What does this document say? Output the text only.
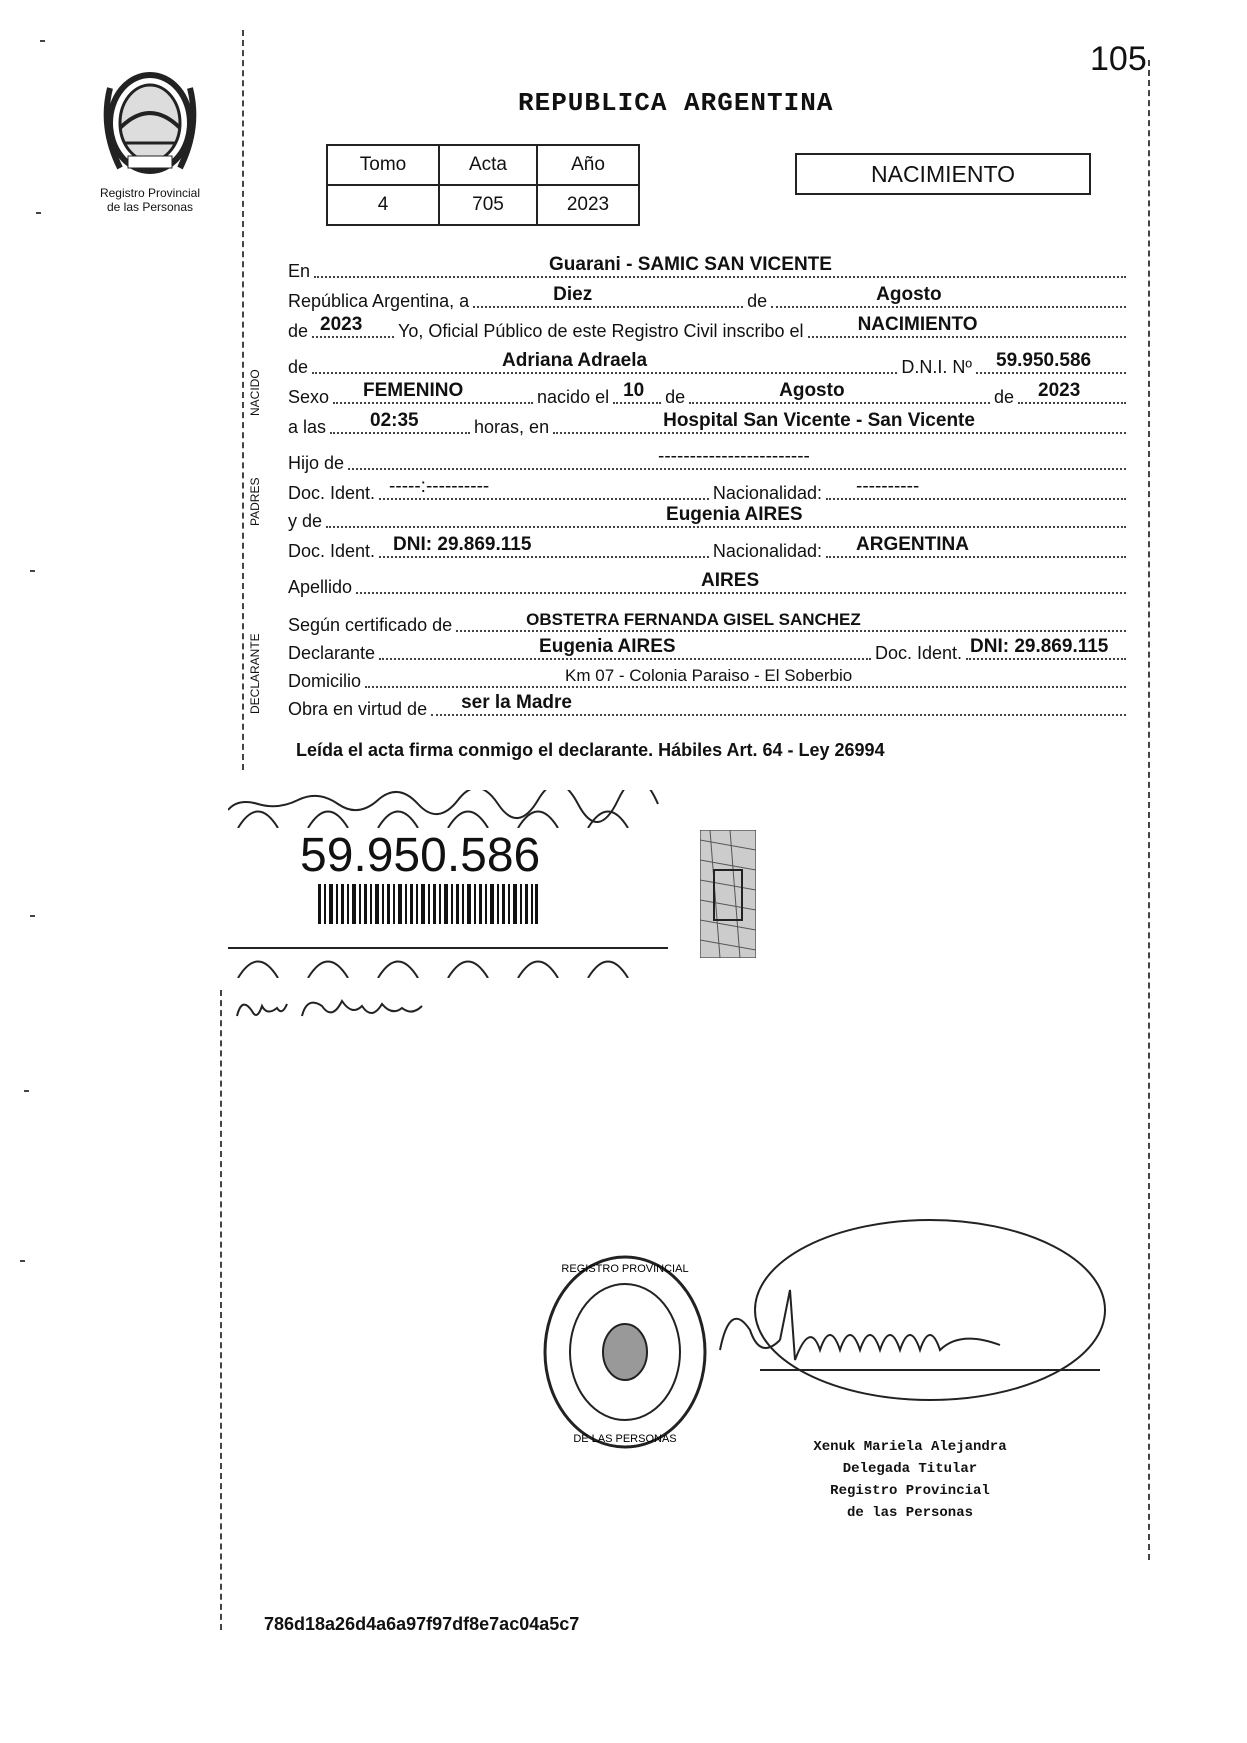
105
REPUBLICA ARGENTINA
Registro Provincial
de las Personas
Tomo	Acta	Año
4	705	2023
NACIMIENTO
NACIDO
PADRES
DECLARANTE
En	Guarani - SAMIC SAN VICENTE
República Argentina, a	Diez	de	Agosto
de 2023 Yo, Oficial Público de este Registro Civil inscribo el	NACIMIENTO
de	Adriana Adraela	D.N.I. Nº 59.950.586
Sexo FEMENINO	nacido el 10 de	Agosto	de 2023
a las 02:35	horas, en	Hospital San Vicente - San Vicente
Hijo de	------------------------
Doc. Ident. -----:----------	Nacionalidad: ----------
y de	Eugenia AIRES
Doc. Ident. DNI: 29.869.115	Nacionalidad: ARGENTINA
Apellido	AIRES
Según certificado de	OBSTETRA FERNANDA GISEL SANCHEZ
Declarante	Eugenia AIRES	Doc. Ident. DNI: 29.869.115
Domicilio	Km 07 - Colonia Paraiso - El Soberbio
Obra en virtud de ser la Madre
Leída el acta firma conmigo el declarante. Hábiles Art. 64 - Ley 26994
59.950.586
REGISTRO PROVINCIAL
DE LAS PERSONAS	Xenuk Mariela Alejandra
Delegada Titular
Registro Provincial
de las Personas
786d18a26d4a6a97f97df8e7ac04a5c7
